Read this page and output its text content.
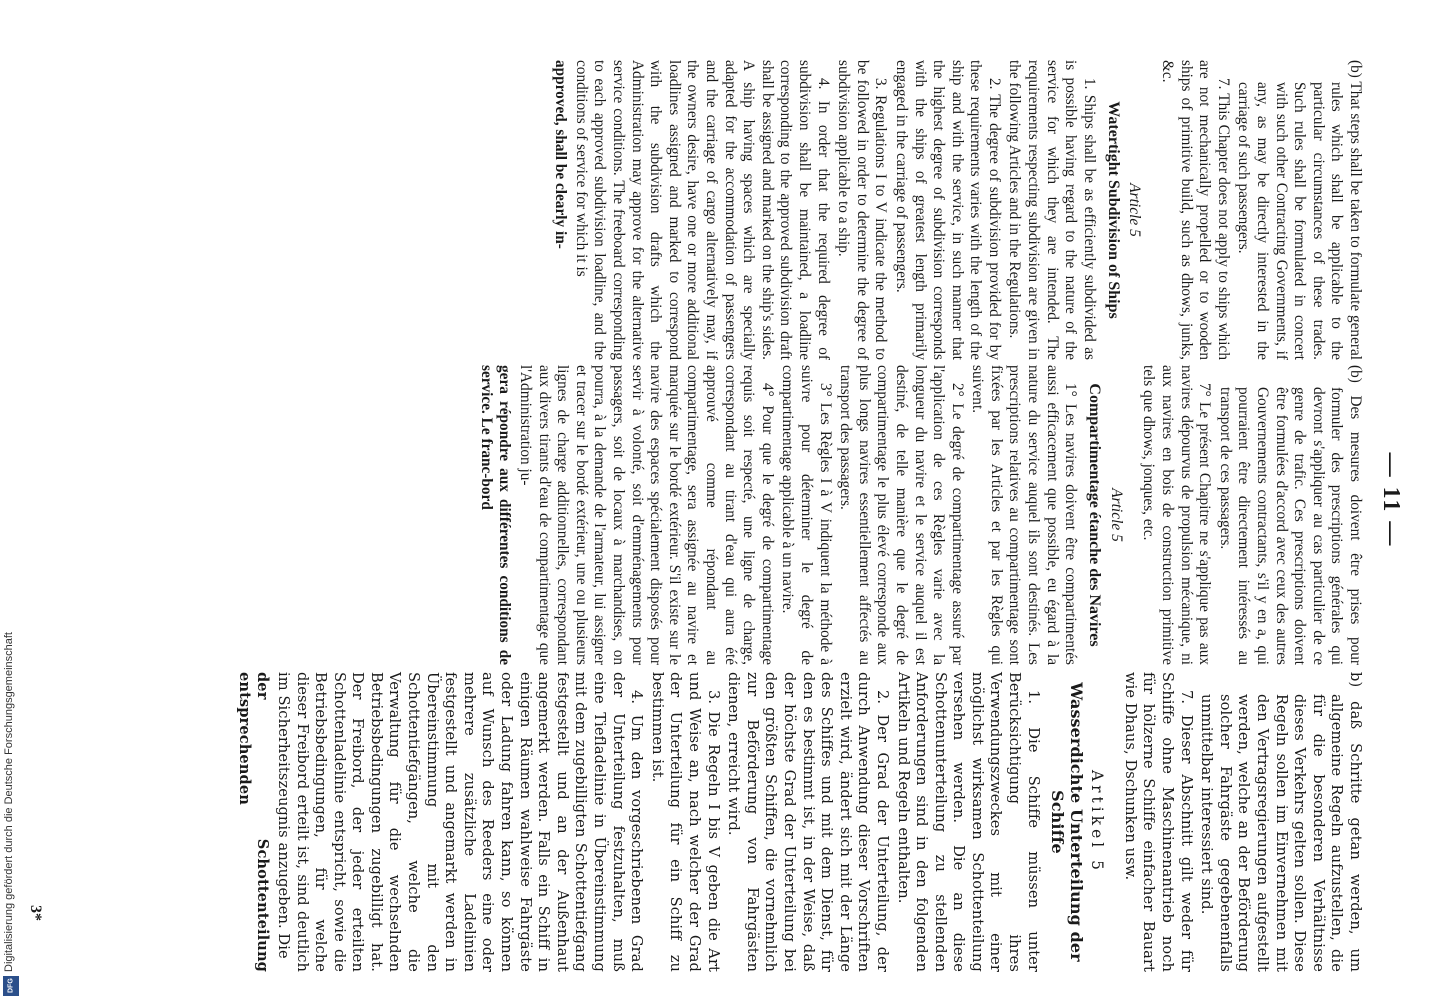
— 11 —

(b) That steps shall be taken to formulate general rules which shall be applicable to the particular circumstances of these trades. Such rules shall be formulated in concert with such other Contracting Governments, if any, as may be directly interested in the carriage of such passengers.

7. This Chapter does not apply to ships which are not mechanically propelled or to wooden ships of primitive build, such as dhows, junks, &c.

Article 5
Watertight Subdivision of Ships

1. Ships shall be as efficiently subdivided as is possible having regard to the nature of the service for which they are intended. The requirements respecting subdivision are given in the following Articles and in the Regulations.

2. The degree of subdivision provided for by these requirements varies with the length of the ship and with the service, in such manner that the highest degree of subdivision corresponds with the ships of greatest length primarily engaged in the carriage of passengers.

3. Regulations I to V indicate the method to be followed in order to determine the degree of subdivision applicable to a ship.

4. In order that the required degree of subdivision shall be maintained, a loadline corresponding to the approved subdivision draft shall be assigned and marked on the ship's sides. A ship having spaces which are specially adapted for the accommodation of passengers and the carriage of cargo alternatively may, if the owners desire, have one or more additional loadlines assigned and marked to correspond with the subdivision drafts which the Administration may approve for the alternative service conditions. The freeboard corresponding to each approved subdivision loadline, and the conditions of service for which it is

approved, shall be clearly in-

(b) Des mesures doivent être prises pour formuler des prescriptions générales qui devront s'appliquer au cas particulier de ce genre de trafic. Ces prescriptions doivent être formulées d'accord avec ceux des autres Gouvernements contractants, s'il y en a, qui pourraient être directement intéressés au transport de ces passagers.

7° Le présent Chapitre ne s'applique pas aux navires dépourvus de propulsion mécanique, ni aux navires en bois de construction primitive tels que dhows, jonques, etc.

Article 5
Compartimentage étanche des Navires

1° Les navires doivent être compartimentés aussi efficacement que possible, eu égard à la nature du service auquel ils sont destinés. Les prescriptions relatives au compartimentage sont fixées par les Articles et par les Règles qui suivent.

2° Le degré de compartimentage assuré par l'application de ces Règles varie avec la longueur du navire et le service auquel il est destiné, de telle manière que le degré de compartimentage le plus élevé corresponde aux plus longs navires essentiellement affectés au transport des passagers.

3° Les Règles I à V indiquent la méthode à suivre pour déterminer le degré de compartimentage applicable à un navire.

4° Pour que le degré de compartimentage requis soit respecté, une ligne de charge, correspondant au tirant d'eau qui aura été approuvé comme répondant au compartimentage, sera assignée au navire et marquée sur le bordé extérieur. S'il existe sur le navire des espaces spécialement disposés pour servir à volonté, soit d'emménagements pour passagers, soit de locaux à marchandises, on pourra, à la demande de l'armateur, lui assigner et tracer sur le bordé extérieur, une ou plusieurs lignes de charge additionnelles, correspondant aux divers tirants d'eau de compartimentage que l'Administration ju-

gera répondre aux différentes conditions de service. Le franc-bord

b) daß Schritte getan werden, um allgemeine Regeln aufzustellen, die für die besonderen Verhältnisse dieses Verkehrs gelten sollen. Diese Regeln sollen im Einvernehmen mit den Vertragsregierungen aufgestellt werden, welche an der Beförderung solcher Fahrgäste gegebenenfalls unmittelbar interessiert sind.

7. Dieser Abschnitt gilt weder für Schiffe ohne Maschinenantrieb noch für hölzerne Schiffe einfacher Bauart wie Dhaus, Dschunken usw.

Artikel 5
Wasserdichte Unterteilung der Schiffe

1. Die Schiffe müssen unter Berücksichtigung ihres Verwendungszweckes mit einer möglichst wirksamen Schottenteilung versehen werden. Die an diese Schottenunterteilung zu stellenden Anforderungen sind in den folgenden Artikeln und Regeln enthalten.

2. Der Grad der Unterteilung, der durch Anwendung dieser Vorschriften erzielt wird, ändert sich mit der Länge des Schiffes und mit dem Dienst, für den es bestimmt ist, in der Weise, daß der höchste Grad der Unterteilung bei den größten Schiffen, die vornehmlich zur Beförderung von Fahrgästen dienen, erreicht wird.

3. Die Regeln I bis V geben die Art und Weise an, nach welcher der Grad der Unterteilung für ein Schiff zu bestimmen ist.

4. Um den vorgeschriebenen Grad der Unterteilung festzuhalten, muß eine Tiefladelinie in Übereinstimmung mit dem zugebilligten Schottentiefgang festgestellt und an der Außenhaut angemerkt werden. Falls ein Schiff in einigen Räumen wahlweise Fahrgäste oder Ladung fahren kann, so können auf Wunsch des Reeders eine oder mehrere zusätzliche Ladelinien festgestellt und angemarkt werden in Übereinstimmung mit den Schottentiefgängen, welche die Verwaltung für die wechselnden Betriebsbedingungen zugebilligt hat. Der Freibord, der jeder erteilten Schottenladelinie entspricht, sowie die Betriebsbedingungen, für welche dieser Freibord erteilt ist, sind deutlich im Sicherheitszeugnis anzugeben. Die

der Schottenteilung entsprechenden

3*
Digitalisierung gefördert durch die Deutsche Forschungsgemeinschaft
DFG
